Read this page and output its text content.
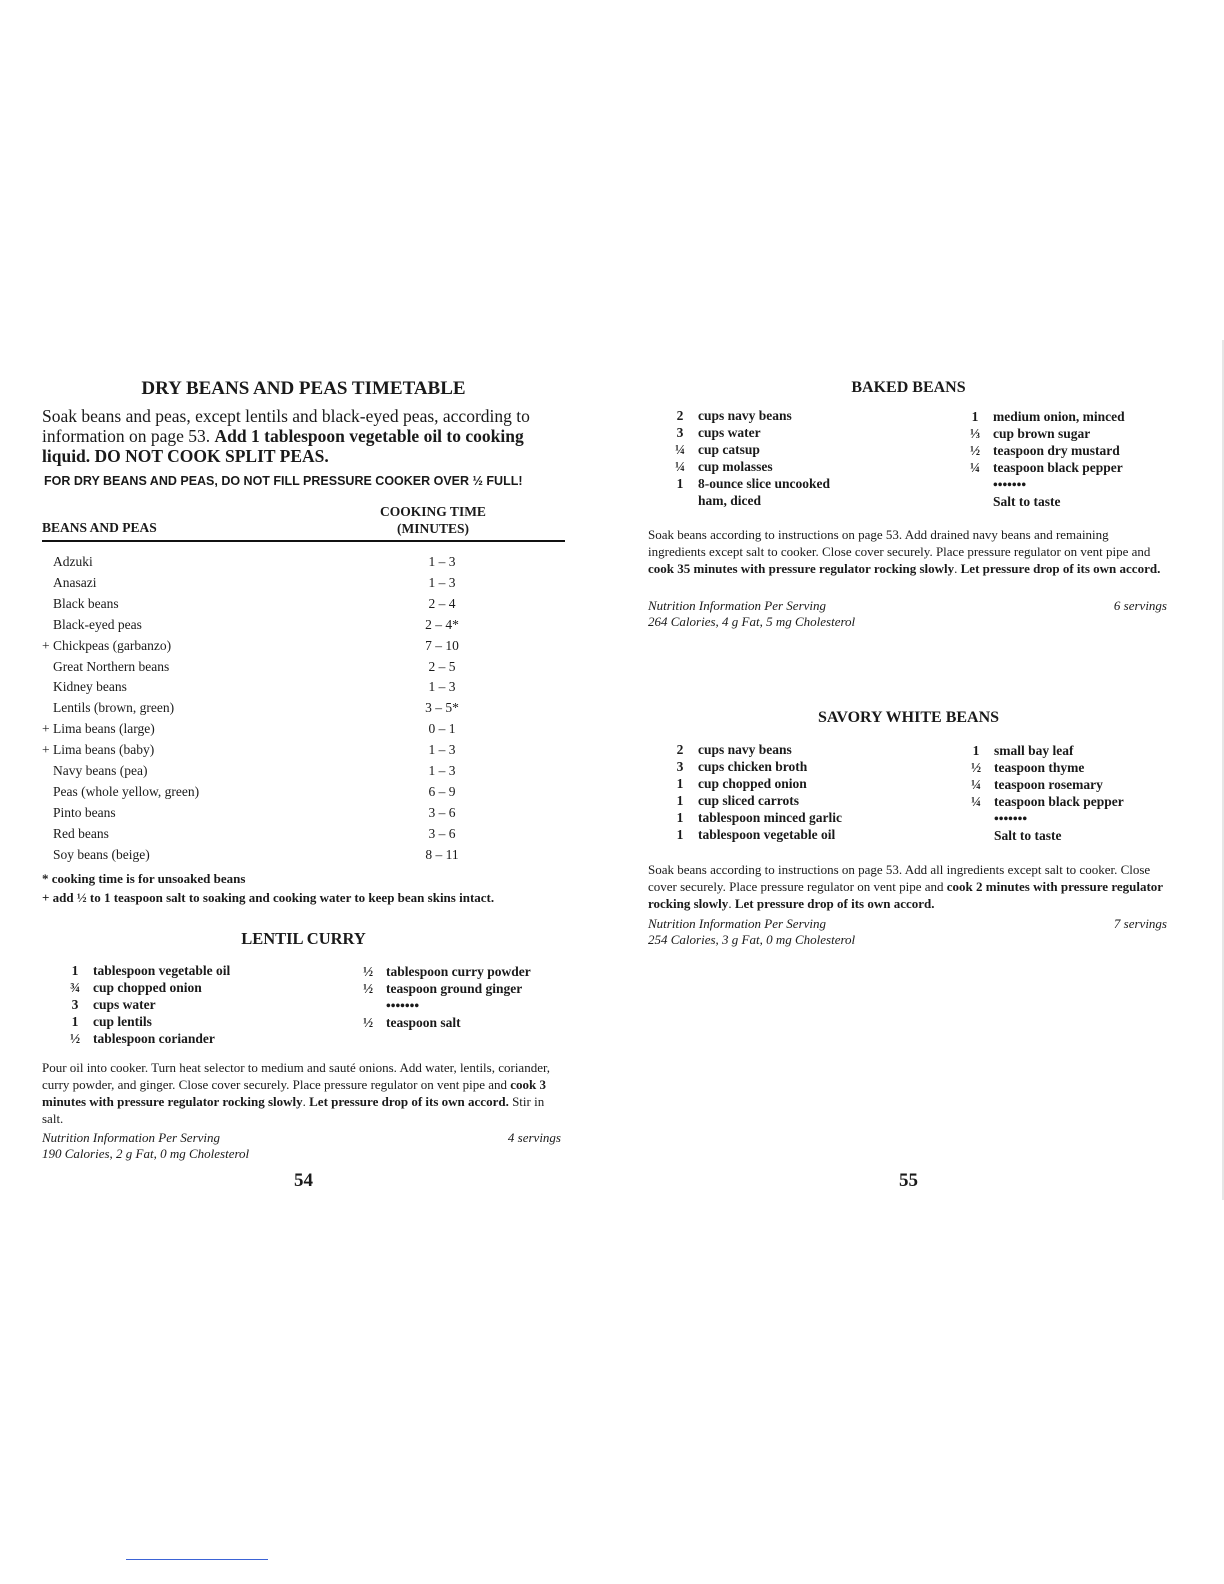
DRY BEANS AND PEAS TIMETABLE
Soak beans and peas, except lentils and black-eyed peas, according to information on page 53. Add 1 tablespoon vegetable oil to cooking liquid. DO NOT COOK SPLIT PEAS.
FOR DRY BEANS AND PEAS, DO NOT FILL PRESSURE COOKER OVER ½ FULL!
BEANS AND PEAS
COOKING TIME
(MINUTES)
Adzuki	1 – 3
Anasazi	1 – 3
Black beans	2 – 4
Black-eyed peas	2 – 4*
+ Chickpeas (garbanzo)	7 – 10
Great Northern beans	2 – 5
Kidney beans	1 – 3
Lentils (brown, green)	3 – 5*
+ Lima beans (large)	0 – 1
+ Lima beans (baby)	1 – 3
Navy beans (pea)	1 – 3
Peas (whole yellow, green)	6 – 9
Pinto beans	3 – 6
Red beans	3 – 6
Soy beans (beige)	8 – 11
* cooking time is for unsoaked beans
+ add ½ to 1 teaspoon salt to soaking and cooking water to keep bean skins intact.
LENTIL CURRY
1 tablespoon vegetable oil
¾ cup chopped onion
3 cups water
1 cup lentils
½ tablespoon coriander
½ tablespoon curry powder
½ teaspoon ground ginger
•••••••
½ teaspoon salt
Pour oil into cooker. Turn heat selector to medium and sauté onions. Add water, lentils, coriander, curry powder, and ginger. Close cover securely. Place pressure regulator on vent pipe and cook 3 minutes with pressure regulator rocking slowly. Let pressure drop of its own accord. Stir in salt.
Nutrition Information Per Serving	4 servings
190 Calories, 2 g Fat, 0 mg Cholesterol
54
BAKED BEANS
2 cups navy beans
3 cups water
¼ cup catsup
¼ cup molasses
1 8-ounce slice uncooked
ham, diced
1 medium onion, minced
⅓ cup brown sugar
½ teaspoon dry mustard
¼ teaspoon black pepper
•••••••
Salt to taste
Soak beans according to instructions on page 53. Add drained navy beans and remaining ingredients except salt to cooker. Close cover securely. Place pressure regulator on vent pipe and cook 35 minutes with pressure regulator rocking slowly. Let pressure drop of its own accord.
Nutrition Information Per Serving	6 servings
264 Calories, 4 g Fat, 5 mg Cholesterol
SAVORY WHITE BEANS
2 cups navy beans
3 cups chicken broth
1 cup chopped onion
1 cup sliced carrots
1 tablespoon minced garlic
1 tablespoon vegetable oil
1 small bay leaf
½ teaspoon thyme
¼ teaspoon rosemary
¼ teaspoon black pepper
•••••••
Salt to taste
Soak beans according to instructions on page 53. Add all ingredients except salt to cooker. Close cover securely. Place pressure regulator on vent pipe and cook 2 minutes with pressure regulator rocking slowly. Let pressure drop of its own accord.
Nutrition Information Per Serving	7 servings
254 Calories, 3 g Fat, 0 mg Cholesterol
55
